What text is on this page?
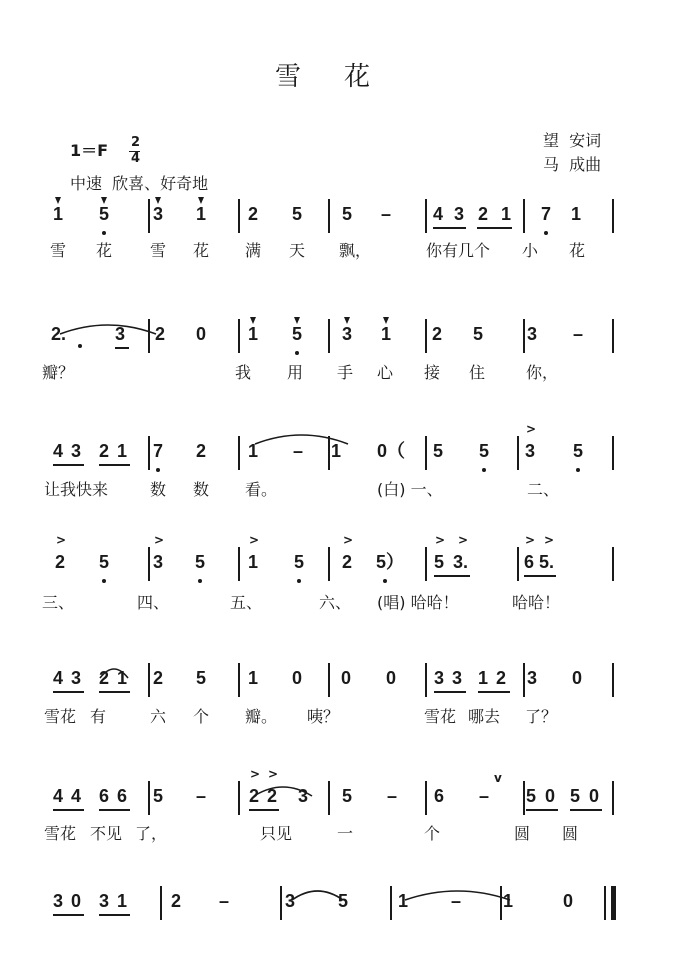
雪    花
1＝F 2
4
中速  欣喜、好奇地
望  安词
马  成曲
1 5 3 1 2 5 5 – 4 3 2 1 7 1
雪 花 雪 花 满 天 飘，	你有几个 小 花
2.	3 2 0 1 5 3 1 2 5 3 –
瓣？	我 用 手 心 接 住	你，
4 3 2 1 7 2 1 – 1 0（	5 5 3 5
>
让我快来	数 数 看。	(白) 一、	二、
2 5 3 5 1 5 2 5）	5 3.	6 5.
>	>	>	>	> >	> >
三、	四、	五、	六、 (唱) 哈哈！	哈哈！
4 3 2 1 2 5 1 0 0 0 3 3 1 2 3 0
雪花 有	六 个 瓣。 咦？	雪花 哪去 了？
4 4 6 6 5 – 2 2 3 5 – 6 – 5 0 5 0
> >	v
雪花 不见 了，	只见	一	个	圆 圆
3 0 3 1 2 –	3 5	1 – 1	0
